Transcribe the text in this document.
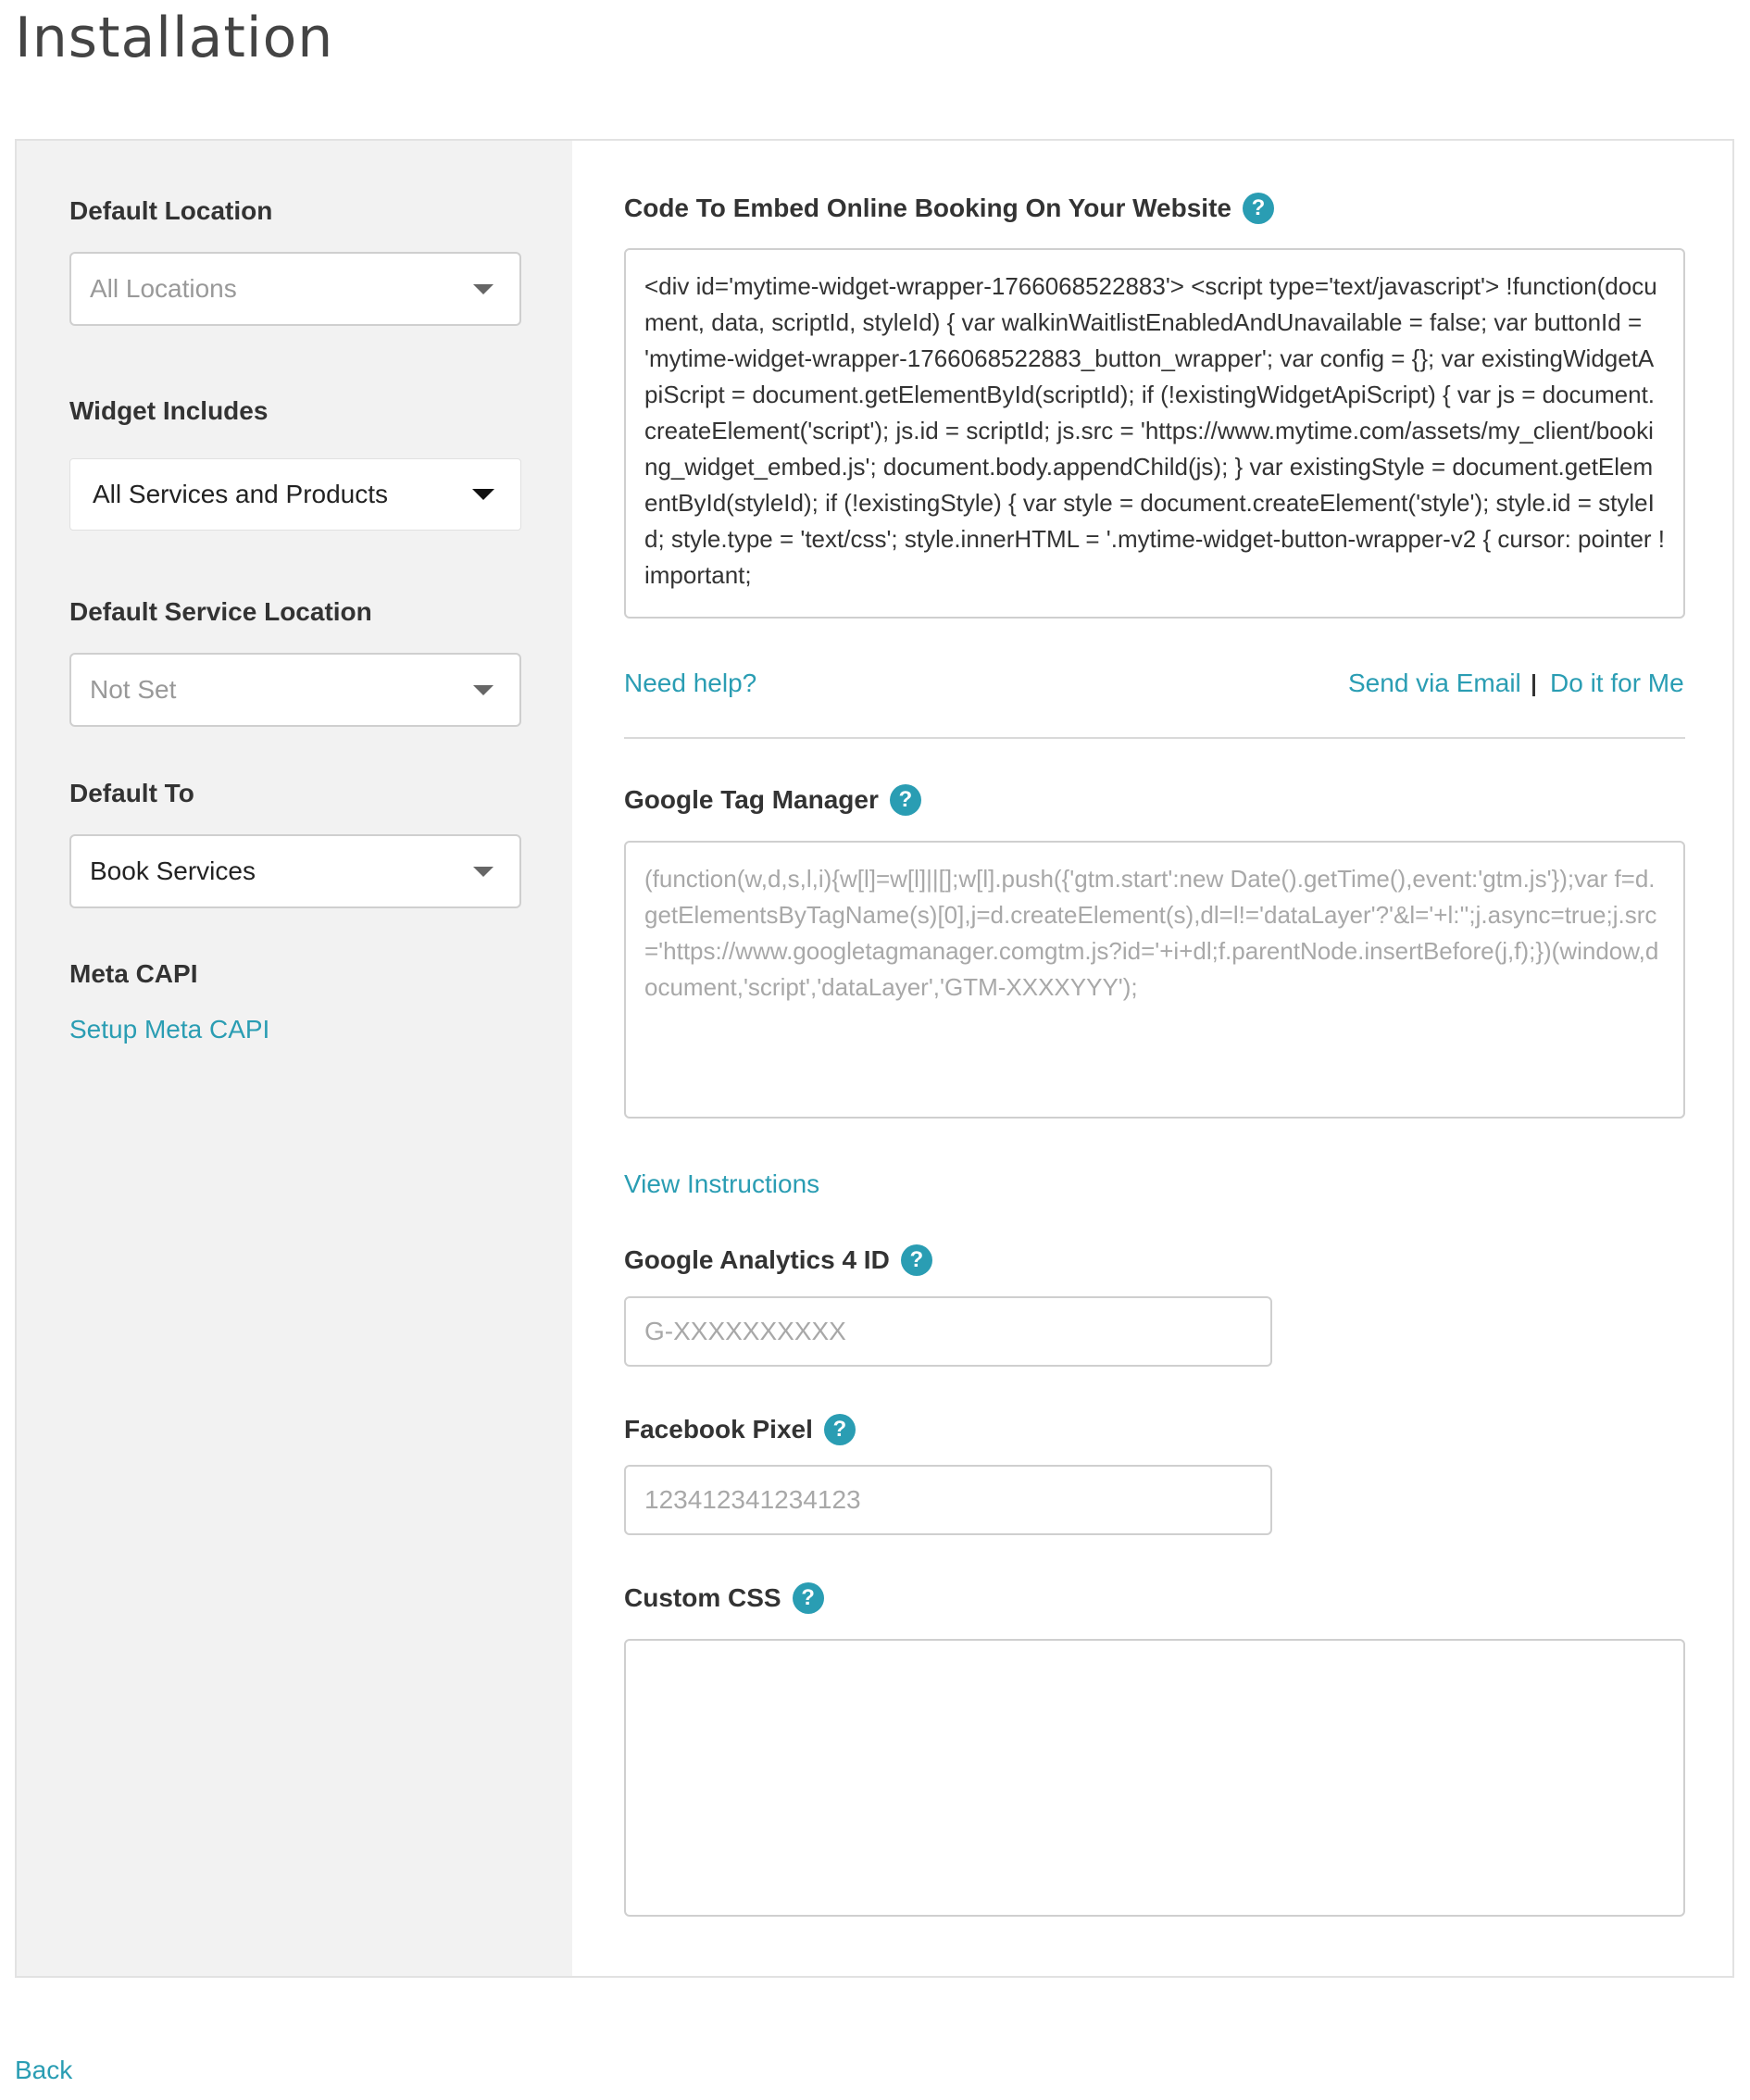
Installation
Default Location
All Locations
Widget Includes
All Services and Products
Default Service Location
Not Set
Default To
Book Services
Meta CAPI
Setup Meta CAPI
Code To Embed Online Booking On Your Website ?
<div id='mytime-widget-wrapper-1766068522883'> <script type='text/javascript'> !function(document, data, scriptId, styleId) { var walkinWaitlistEnabledAndUnavailable = false; var buttonId = 'mytime-widget-wrapper-1766068522883_button_wrapper'; var config = {}; var existingWidgetApiScript = document.getElementById(scriptId); if (!existingWidgetApiScript) { var js = document.createElement('script'); js.id = scriptId; js.src = 'https://www.mytime.com/assets/my_client/booking_widget_embed.js'; document.body.appendChild(js); } var existingStyle = document.getElementById(styleId); if (!existingStyle) { var style = document.createElement('style'); style.id = styleId; style.type = 'text/css'; style.innerHTML = '.mytime-widget-button-wrapper-v2 { cursor: pointer !important;
Need help?	Send via Email Do it for Me
Google Tag Manager ?
(function(w,d,s,l,i){w[l]=w[l]||[];w[l].push({'gtm.start':new Date().getTime(),event:'gtm.js'});var f=d.getElementsByTagName(s)[0],j=d.createElement(s),dl=l!='dataLayer'?'&l='+l:'';j.async=true;j.src='https://www.googletagmanager.comgtm.js?id='+i+dl;f.parentNode.insertBefore(j,f);})(window,document,'script','dataLayer','GTM-XXXXYYY');
View Instructions
Google Analytics 4 ID ?
G-XXXXXXXXXX
Facebook Pixel ?
123412341234123
Custom CSS ?
Back
